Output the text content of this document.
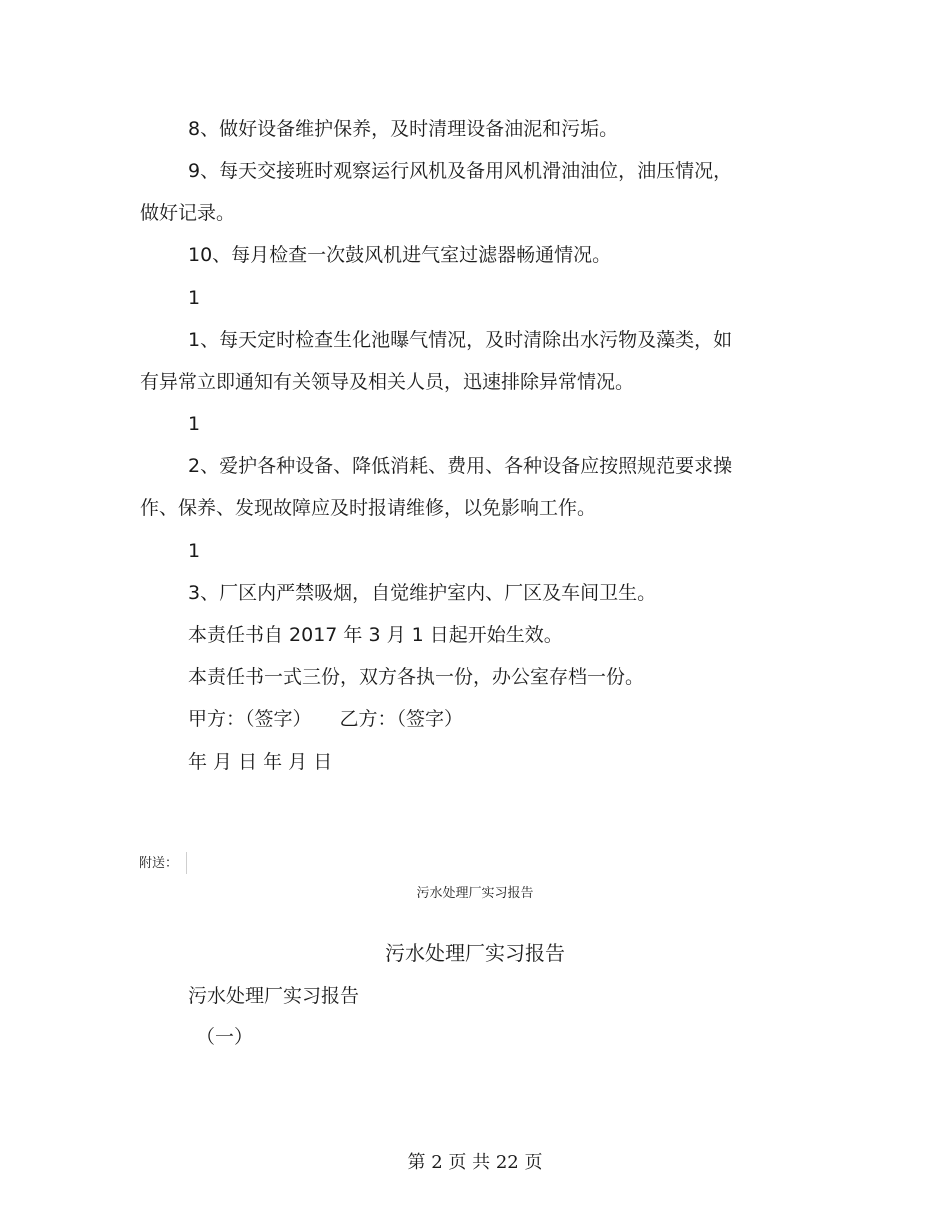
8、做好设备维护保养，及时清理设备油泥和污垢。
9、每天交接班时观察运行风机及备用风机滑油油位，油压情况，
做好记录。
10、每月检查一次鼓风机进气室过滤器畅通情况。
1
1、每天定时检查生化池曝气情况，及时清除出水污物及藻类，如
有异常立即通知有关领导及相关人员，迅速排除异常情况。
1
2、爱护各种设备、降低消耗、费用、各种设备应按照规范要求操
作、保养、发现故障应及时报请维修，以免影响工作。
1
3、厂区内严禁吸烟，自觉维护室内、厂区及车间卫生。
本责任书自 2017 年 3 月 1 日起开始生效。
本责任书一式三份，双方各执一份，办公室存档一份。
甲方：（签字） 乙方：（签字）
年 月 日 年 月 日
附送：
污水处理厂实习报告
污水处理厂实习报告
污水处理厂实习报告
（一）
第 2 页 共 22 页
